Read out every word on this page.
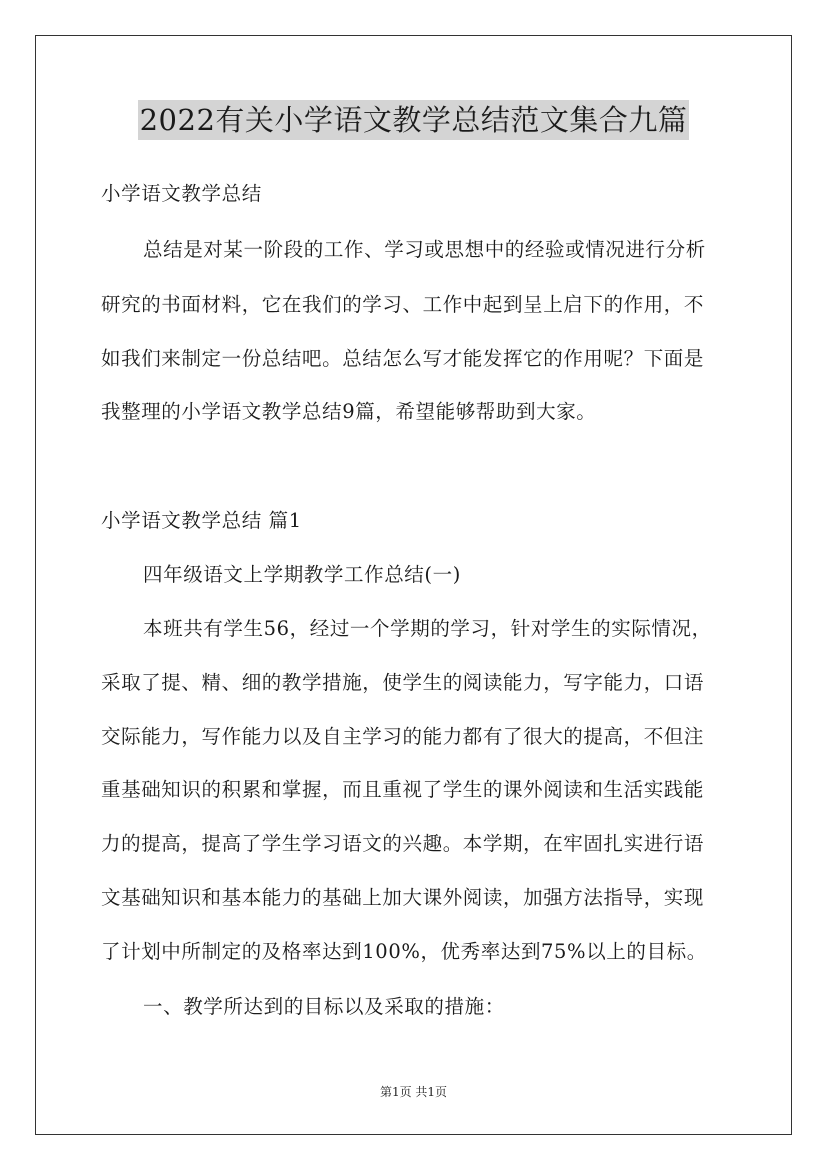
2022有关小学语文教学总结范文集合九篇
小学语文教学总结
总结是对某一阶段的工作、学习或思想中的经验或情况进行分析
研究的书面材料，它在我们的学习、工作中起到呈上启下的作用，不
如我们来制定一份总结吧。总结怎么写才能发挥它的作用呢？下面是
我整理的小学语文教学总结9篇，希望能够帮助到大家。
小学语文教学总结 篇1
四年级语文上学期教学工作总结(一)
本班共有学生56，经过一个学期的学习，针对学生的实际情况，
采取了提、精、细的教学措施，使学生的阅读能力，写字能力，口语
交际能力，写作能力以及自主学习的能力都有了很大的提高，不但注
重基础知识的积累和掌握，而且重视了学生的课外阅读和生活实践能
力的提高，提高了学生学习语文的兴趣。本学期，在牢固扎实进行语
文基础知识和基本能力的基础上加大课外阅读，加强方法指导，实现
了计划中所制定的及格率达到100%，优秀率达到75%以上的目标。
一、教学所达到的目标以及采取的措施：
第1页 共1页
